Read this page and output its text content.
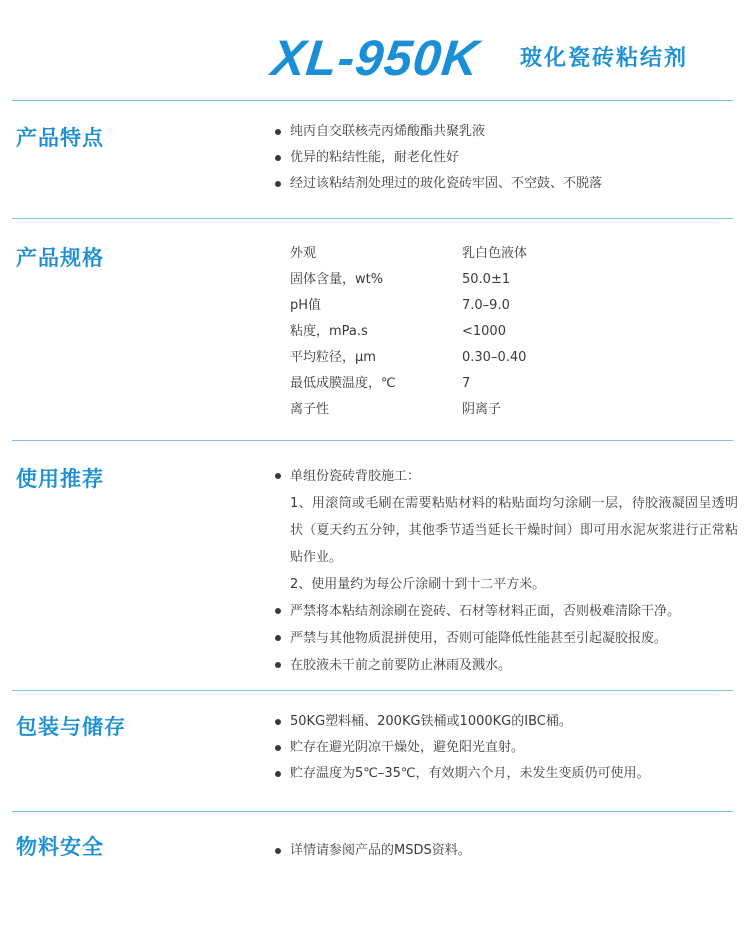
XL-950K 玻化瓷砖粘结剂
产品特点	纯丙自交联核壳丙烯酸酯共聚乳液
优异的粘结性能，耐老化性好
经过该粘结剂处理过的玻化瓷砖牢固、不空鼓、不脱落
产品规格	外观	乳白色液体
固体含量，wt%	50.0±1
pH值	7.0–9.0
粘度，mPa.s	<1000
平均粒径，μm	0.30–0.40
最低成膜温度，℃	7
离子性	阴离子
使用推荐	单组份瓷砖背胶施工：
1、用滚筒或毛刷在需要粘贴材料的粘贴面均匀涂刷一层，待胶液凝固呈透明状（夏天约五分钟，其他季节适当延长干燥时间）即可用水泥灰浆进行正常粘贴作业。
2、使用量约为每公斤涂刷十到十二平方米。
严禁将本粘结剂涂刷在瓷砖、石材等材料正面，否则极难清除干净。
严禁与其他物质混拼使用，否则可能降低性能甚至引起凝胶报废。
在胶液未干前之前要防止淋雨及溅水。
包装与储存	50KG塑料桶、200KG铁桶或1000KG的IBC桶。
贮存在避光阴凉干燥处，避免阳光直射。
贮存温度为5℃–35℃，有效期六个月，未发生变质仍可使用。
物料安全	详情请参阅产品的MSDS资料。
